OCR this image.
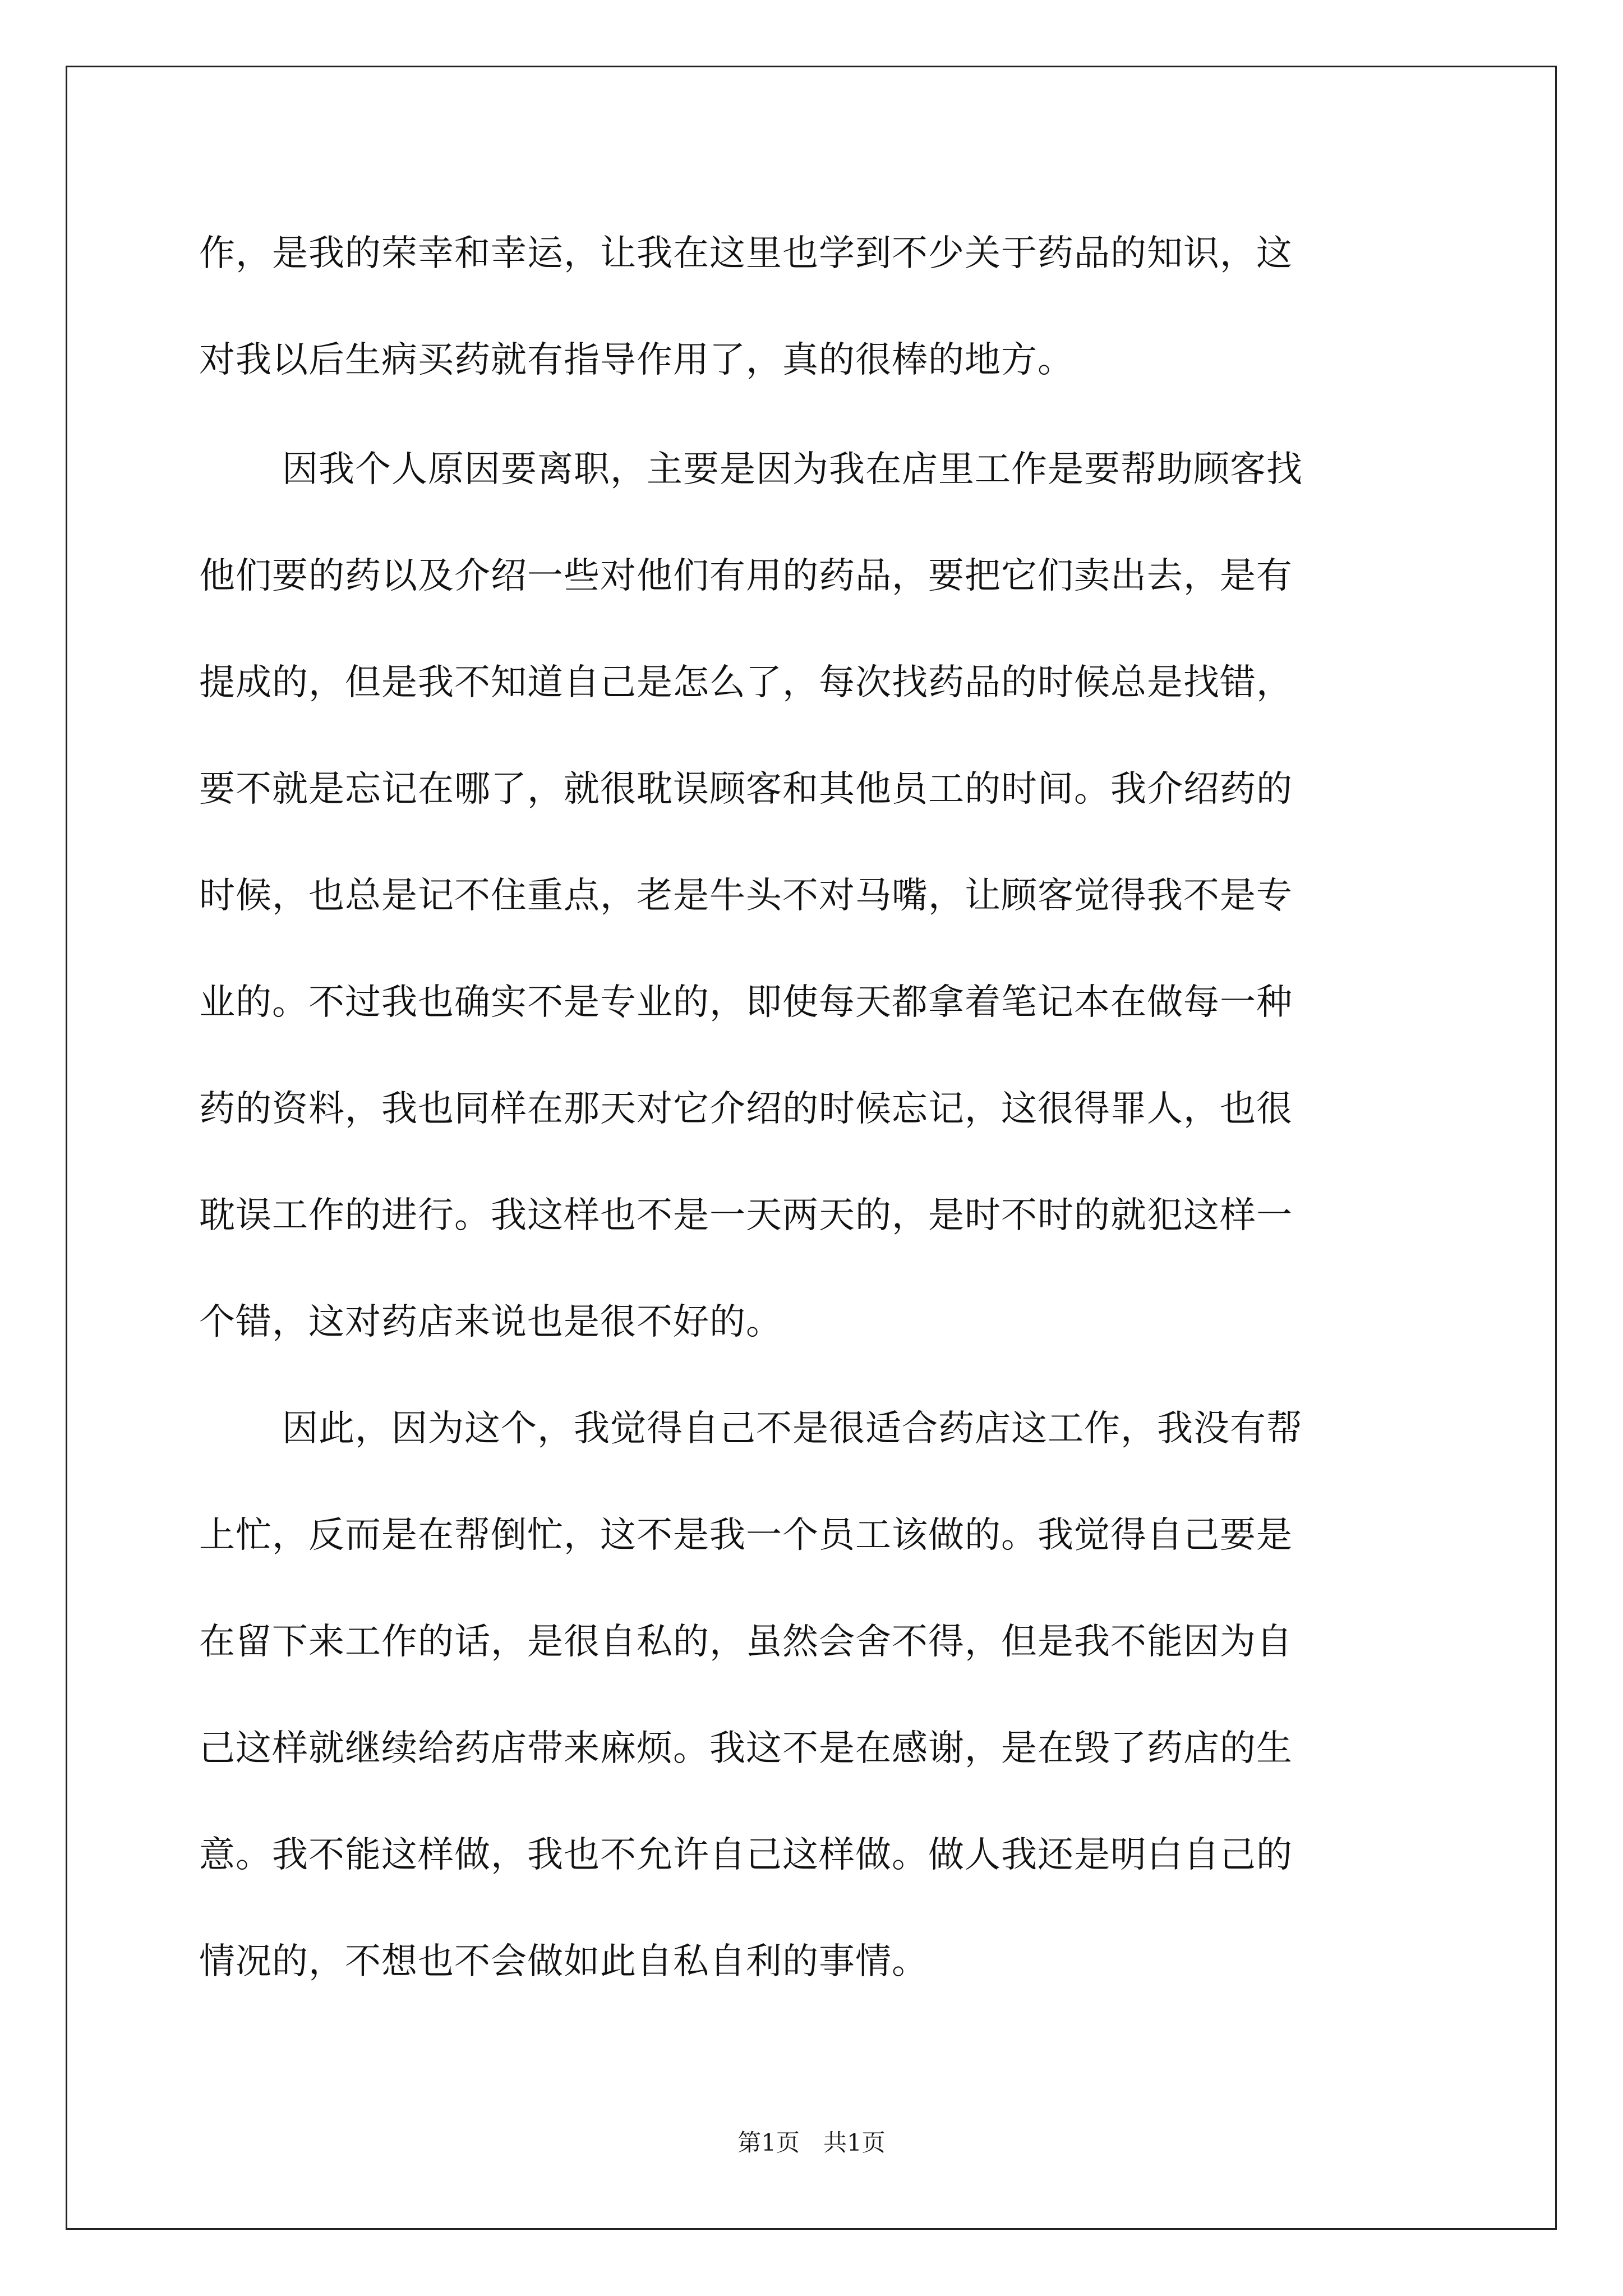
作，是我的荣幸和幸运，让我在这里也学到不少关于药品的知识，这
对我以后生病买药就有指导作用了，真的很棒的地方。
因我个人原因要离职，主要是因为我在店里工作是要帮助顾客找
他们要的药以及介绍一些对他们有用的药品，要把它们卖出去，是有
提成的，但是我不知道自己是怎么了，每次找药品的时候总是找错，
要不就是忘记在哪了，就很耽误顾客和其他员工的时间。我介绍药的
时候，也总是记不住重点，老是牛头不对马嘴，让顾客觉得我不是专
业的。不过我也确实不是专业的，即使每天都拿着笔记本在做每一种
药的资料，我也同样在那天对它介绍的时候忘记，这很得罪人，也很
耽误工作的进行。我这样也不是一天两天的，是时不时的就犯这样一
个错，这对药店来说也是很不好的。
因此，因为这个，我觉得自己不是很适合药店这工作，我没有帮
上忙，反而是在帮倒忙，这不是我一个员工该做的。我觉得自己要是
在留下来工作的话，是很自私的，虽然会舍不得，但是我不能因为自
己这样就继续给药店带来麻烦。我这不是在感谢，是在毁了药店的生
意。我不能这样做，我也不允许自己这样做。做人我还是明白自己的
情况的，不想也不会做如此自私自利的事情。
第1页　共1页
